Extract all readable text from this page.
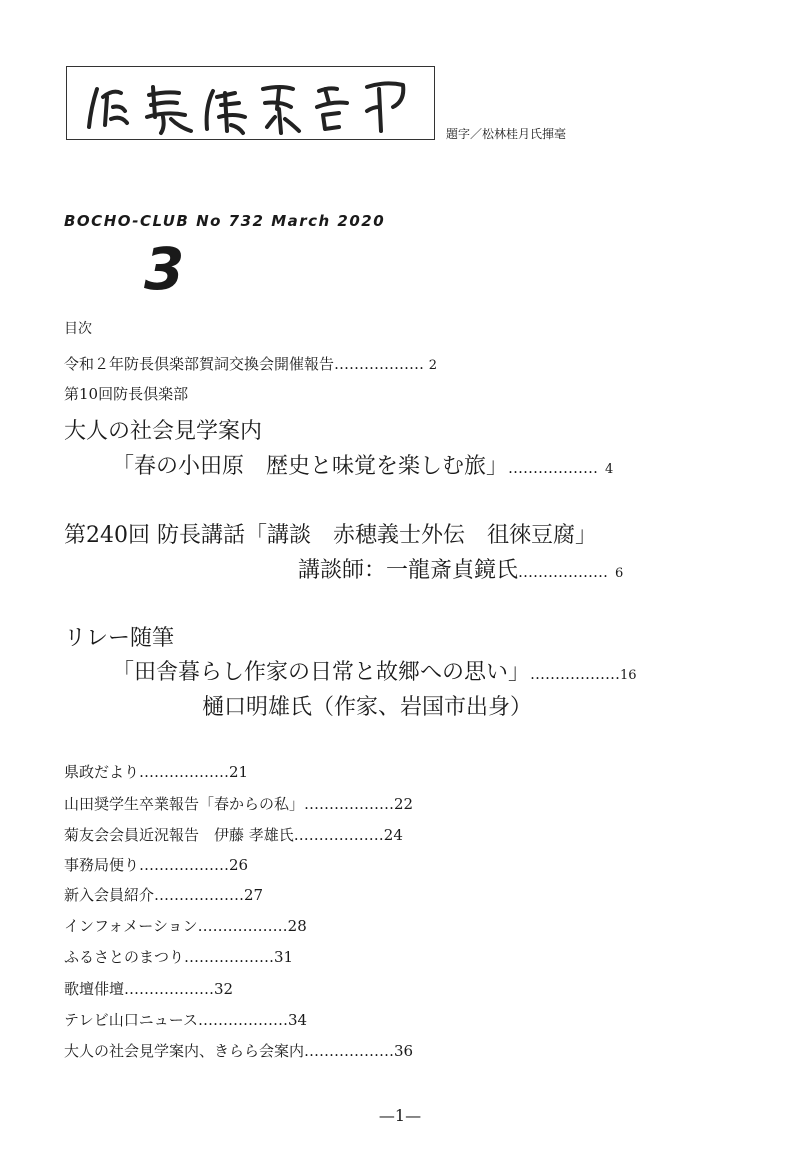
題字／松林桂月氏揮毫
BOCHO-CLUB No 732 March 2020
3
目次
令和２年防長倶楽部賀詞交換会開催報告……………… 2
第10回防長倶楽部
大人の社会見学案内
「春の小田原　歴史と味覚を楽しむ旅」……………… 4
第240回 防長講話「講談　赤穂義士外伝　徂徠豆腐」
講談師：一龍斎貞鏡氏……………… 6
リレー随筆
「田舎暮らし作家の日常と故郷への思い」………………16
樋口明雄氏（作家、岩国市出身）
県政だより………………21
山田奨学生卒業報告「春からの私」………………22
菊友会会員近況報告　伊藤 孝雄氏………………24
事務局便り………………26
新入会員紹介………………27
インフォメーション………………28
ふるさとのまつり………………31
歌壇俳壇………………32
テレビ山口ニュース………………34
大人の社会見学案内、きらら会案内………………36
—1—
